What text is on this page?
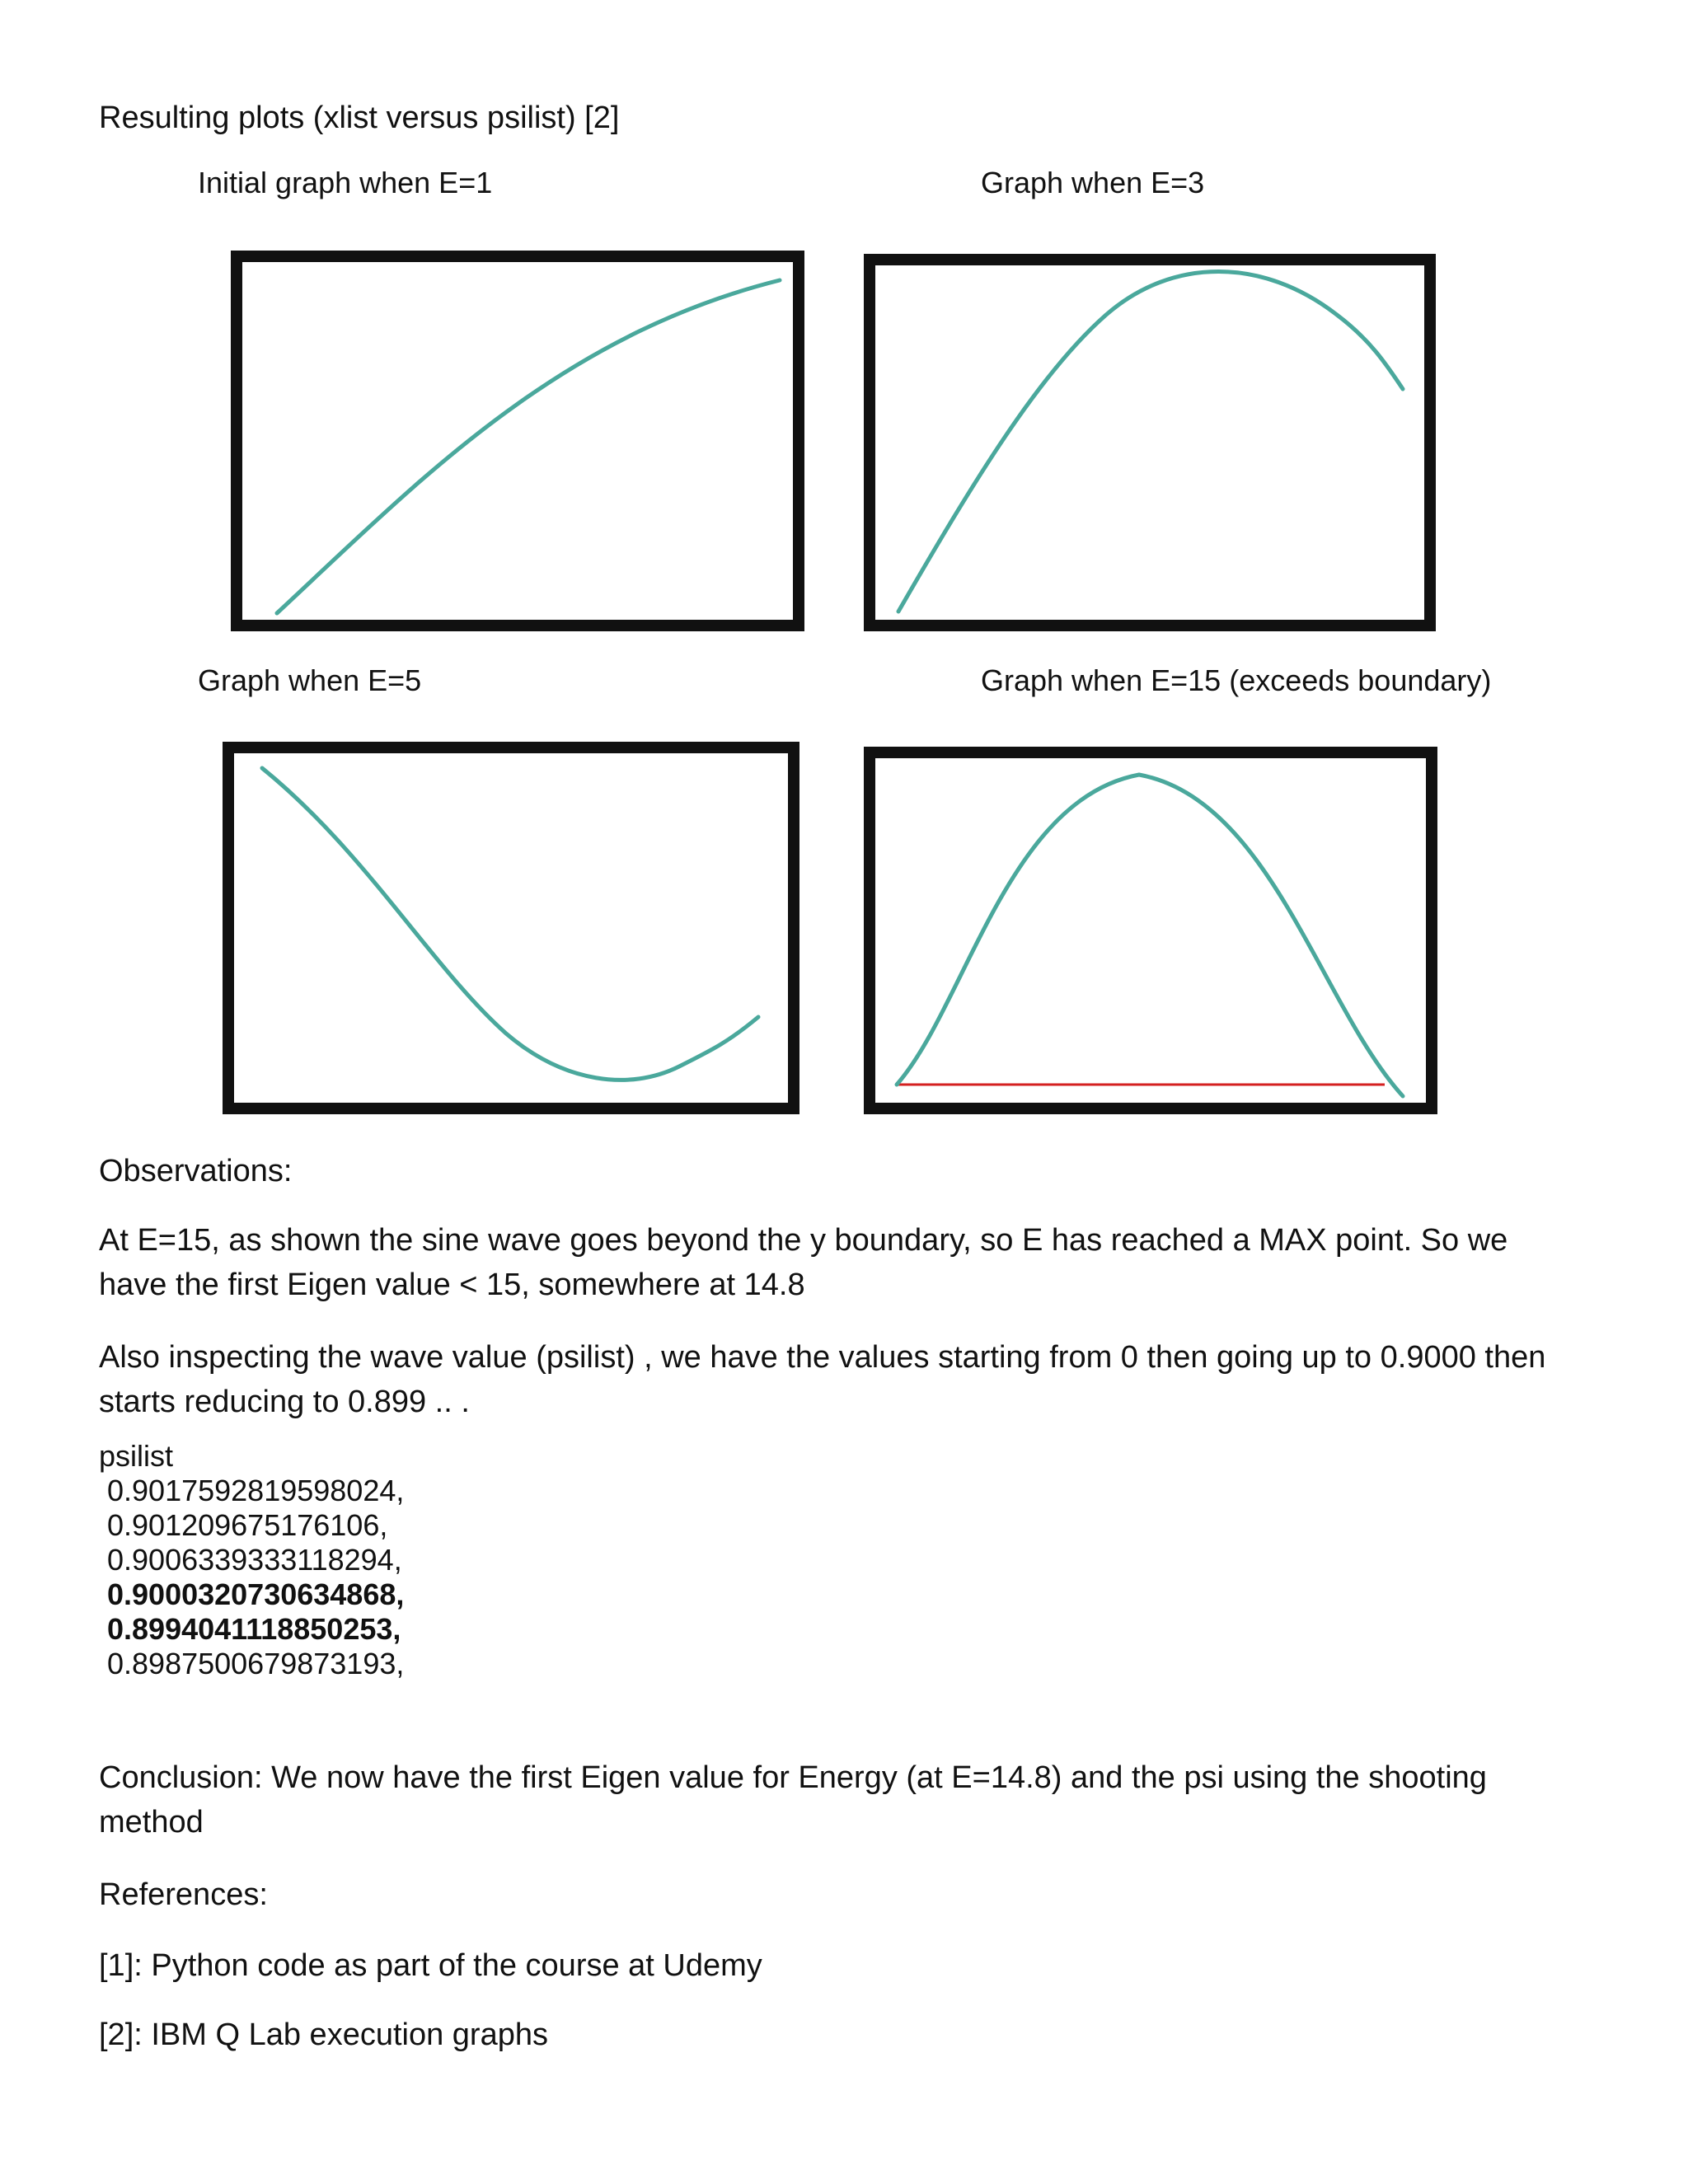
Resulting plots (xlist versus psilist) [2]
Initial graph when E=1	Graph when E=3
Graph when E=5	Graph when E=15 (exceeds boundary)
Observations:
At E=15, as shown the sine wave goes beyond the y boundary, so E has reached a MAX point. So we have the first Eigen value < 15, somewhere at 14.8
Also inspecting the wave value (psilist) , we have the values starting from 0 then going up to 0.9000 then starts reducing to 0.899 .. .
psilist
0.9017592819598024,
0.901209675176106,
0.9006339333118294,
0.9000320730634868,
0.8994041118850253,
0.8987500679873193,
Conclusion: We now have the first Eigen value for Energy (at E=14.8) and the psi using the shooting method
References:
[1]: Python code as part of the course at Udemy
[2]: IBM Q Lab execution graphs
